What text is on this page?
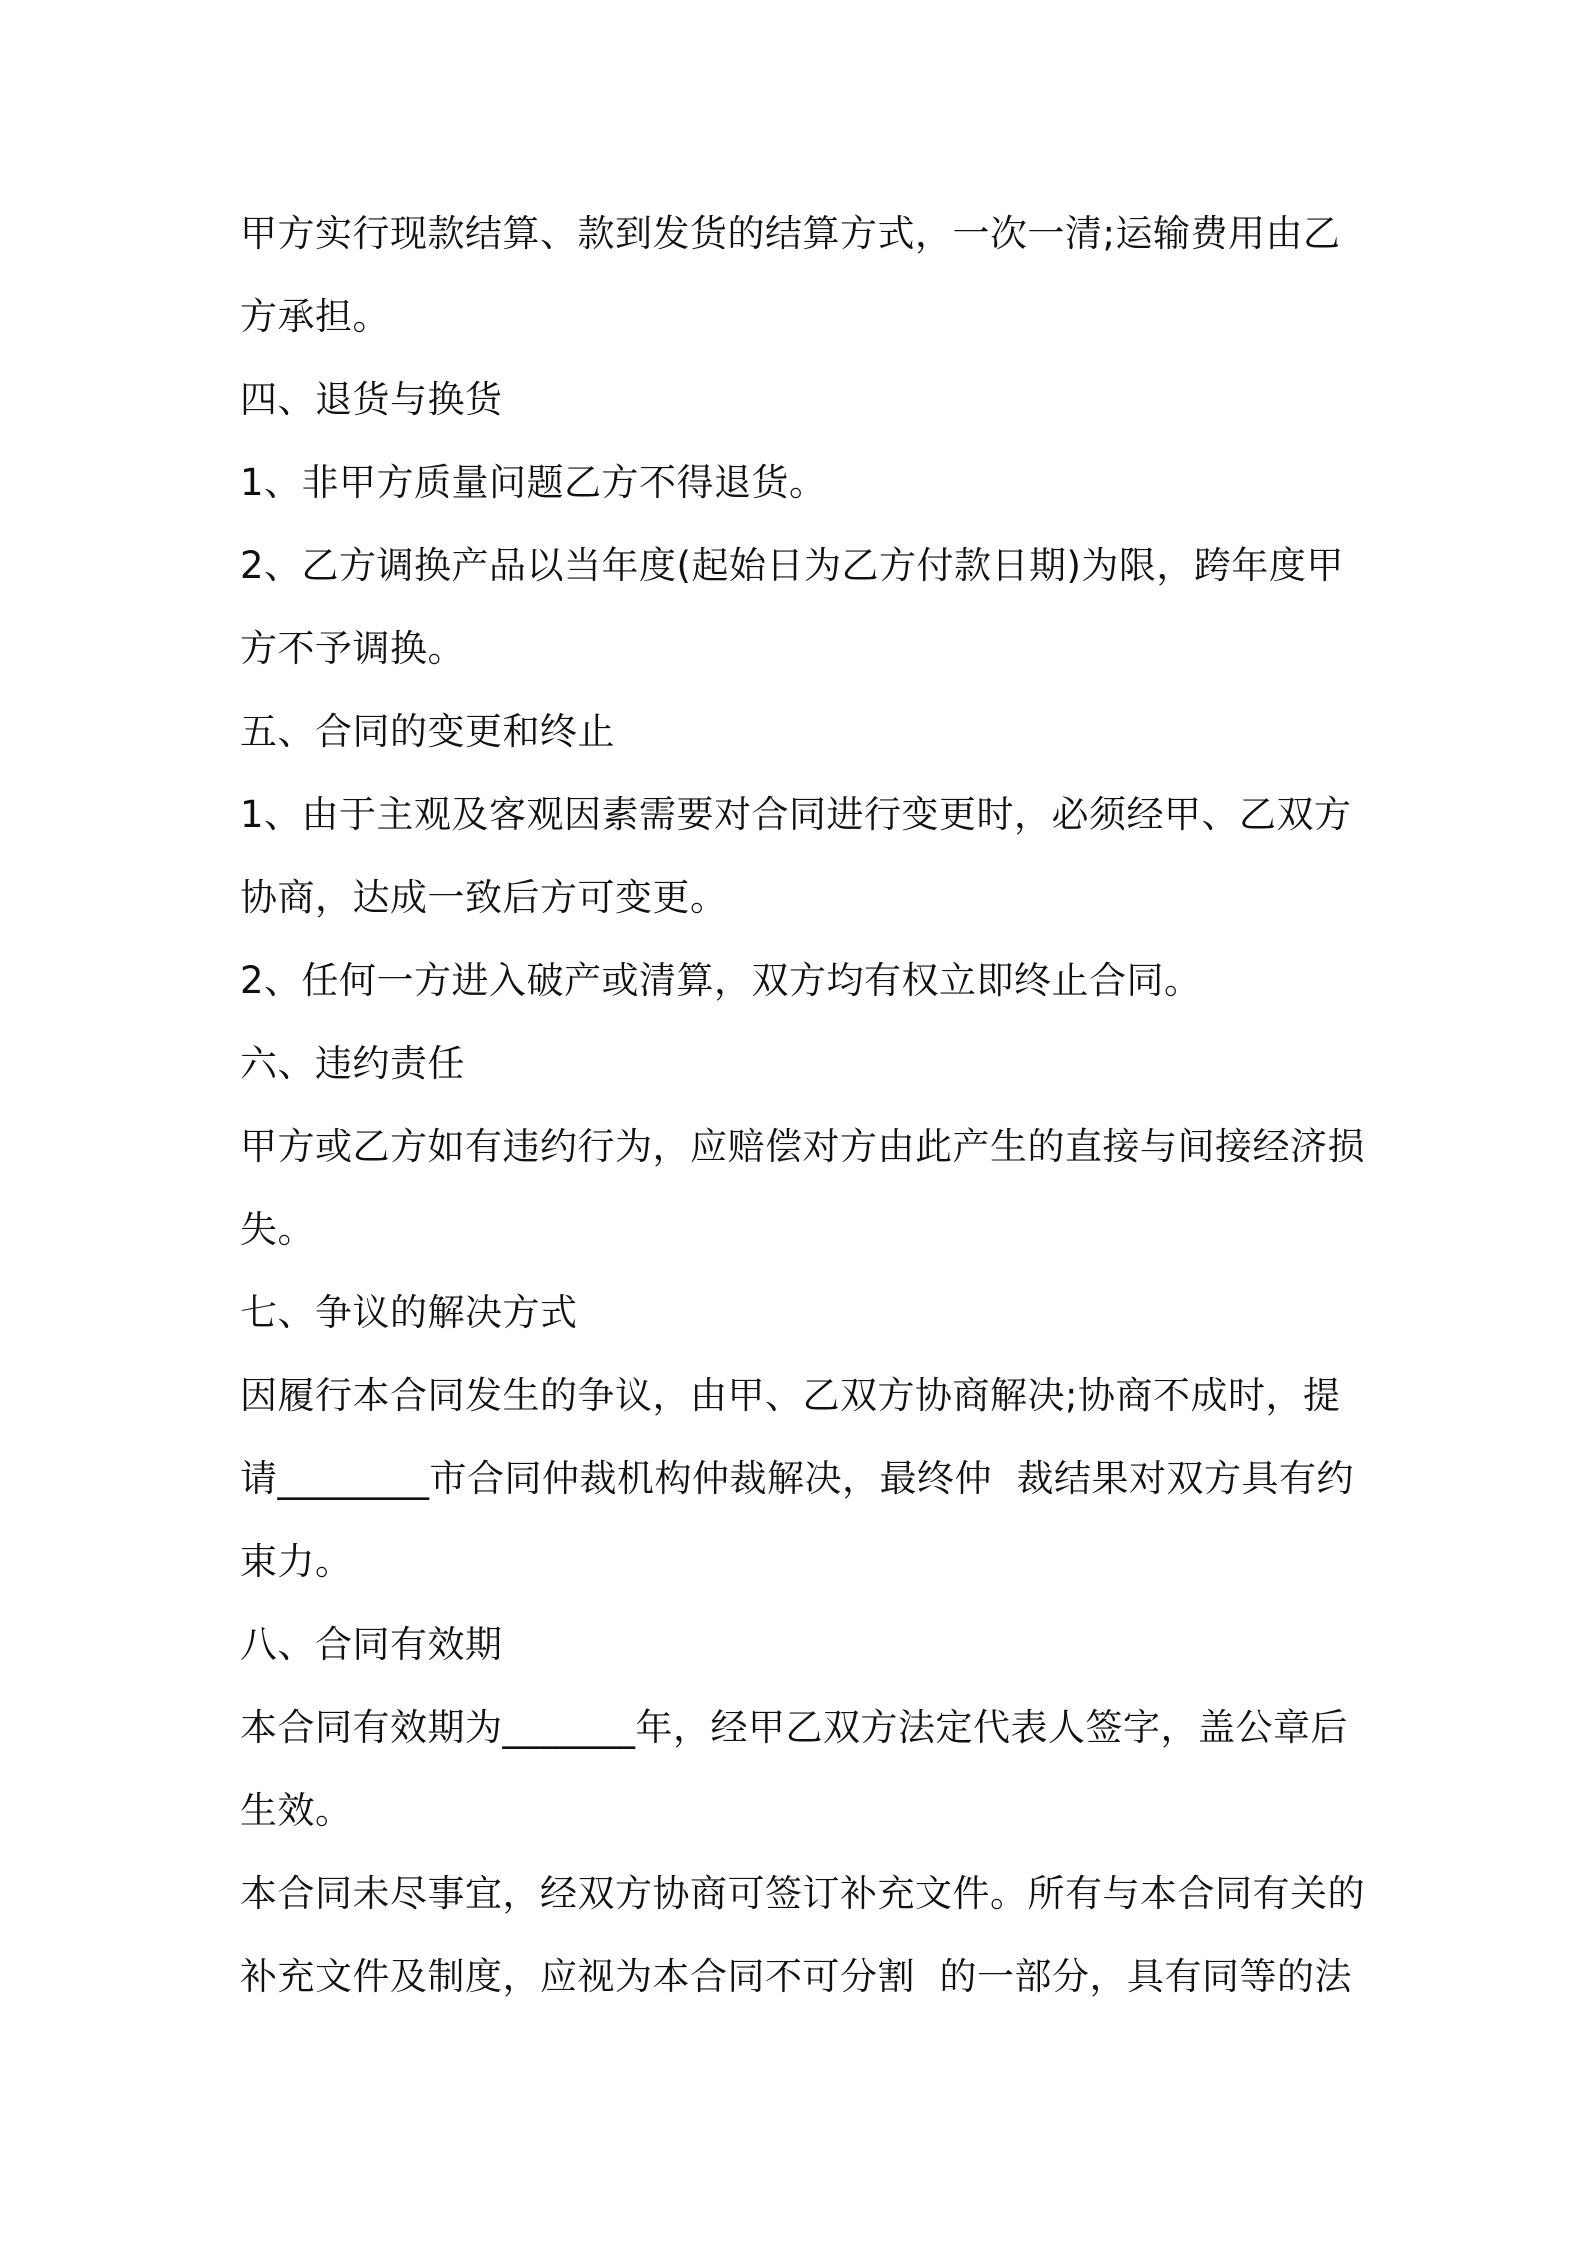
甲方实行现款结算、款到发货的结算方式，一次一清;运输费用由乙
方承担。
四、退货与换货
1、非甲方质量问题乙方不得退货。
2、乙方调换产品以当年度(起始日为乙方付款日期)为限，跨年度甲
方不予调换。
五、合同的变更和终止
1、由于主观及客观因素需要对合同进行变更时，必须经甲、乙双方
协商，达成一致后方可变更。
2、任何一方进入破产或清算，双方均有权立即终止合同。
六、违约责任
甲方或乙方如有违约行为，应赔偿对方由此产生的直接与间接经济损
失。
七、争议的解决方式
因履行本合同发生的争议，由甲、乙双方协商解决;协商不成时，提
请________市合同仲裁机构仲裁解决，最终仲  裁结果对双方具有约
束力。
八、合同有效期
本合同有效期为_______年，经甲乙双方法定代表人签字，盖公章后
生效。
本合同未尽事宜，经双方协商可签订补充文件。所有与本合同有关的
补充文件及制度，应视为本合同不可分割  的一部分，具有同等的法
